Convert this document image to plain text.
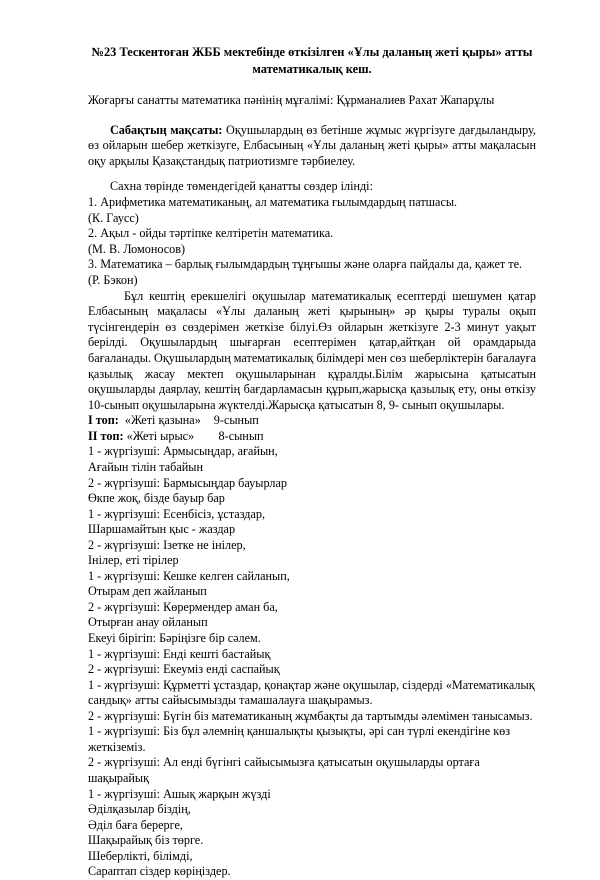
№23 Тескентоған ЖББ мектебінде өткізілген «Ұлы даланың жеті қыры» атты математикалық кеш.

Жоғарғы санатты математика пәнінің мұғалімі: Құрманалиев Рахат Жапарұлы

Сабақтың мақсаты: Оқушылардың өз бетінше жұмыс жүргізуге дағдыландыру, өз ойларын шебер жеткізуге, Елбасының «Ұлы даланың жеті қыры» атты мақаласын оқу арқылы Қазақстандық патриотизмге тәрбиелеу.

Сахна төрінде төмендегідей қанатты сөздер ілінді:

1. Арифметика математиканың, ал математика ғылымдардың патшасы.

(К. Гаусс)

2. Ақыл - ойды тәртіпке келтіретін математика.

(М. В. Ломоносов)

3. Математика – барлық ғылымдардың тұңғышы және оларға пайдалы да, қажет те.

(Р. Бэкон)

Бұл кештің ерекшелігі оқушылар математикалық есептерді шешумен қатар Елбасының мақаласы «Ұлы даланың жеті қырының» әр қыры туралы оқып түсінгендерін өз сөздерімен жеткізе білуі.Өз ойларын жеткізуге 2-3 минут уақыт берілді. Оқушылардың шығарған есептерімен қатар,айтқан ой орамдарыда бағаланады. Оқушылардың математикалық білімдері мен сөз шеберліктерін бағалауға қазылық жасау мектеп оқушыларынан құралды.Білім жарысына қатысатын оқушыларды даярлау, кештің бағдарламасын құрып,жарысқа қазылық ету, оны өткізу 10-сынып оқушыларына жүктелді.Жарысқа қатысатын 8, 9- сынып оқушылары.

І топ:  «Жеті қазына» 9-сынып

ІІ топ: «Жеті ырыс» 8-сынып

1 - жүргізуші: Армысыңдар, ағайын,

Ағайын тілін табайын

2 - жүргізуші: Бармысыңдар бауырлар

Өкпе жоқ, бізде бауыр бар

1 - жүргізуші: Есенбісіз, ұстаздар,

Шаршамайтын қыс - жаздар

2 - жүргізуші: Ізетке не інілер,

Інілер, еті тірілер

1 - жүргізуші: Кешке келген сайланып,

Отырам деп жайланып

2 - жүргізуші: Көрермендер аман ба,

Отырған анау ойланып

Екеуі бірігіп: Бәріңізге бір сәлем.

1 - жүргізуші: Енді кешті бастайық

2 - жүргізуші: Екеуміз енді саспайық

1 - жүргізуші: Құрметті ұстаздар, қонақтар және оқушылар, сіздерді «Математикалық сандық» атты сайысымызды тамашалауға шақырамыз.

2 - жүргізуші: Бүгін біз математиканың жұмбақты да тартымды әлемімен танысамыз.

1 - жүргізуші: Біз бұл әлемнің қаншалықты қызықты, әрі сан түрлі екендігіне көз жеткіземіз.

2 - жүргізуші: Ал енді бүгінгі сайысымызға қатысатын оқушыларды ортаға шақырайық

1 - жүргізуші: Ашық жарқын жүзді

Әділқазылар біздің,

Әділ баға берерге,

Шақырайық біз төрге.

Шеберлікті, білімді,

Сараптап сіздер көріңіздер.
